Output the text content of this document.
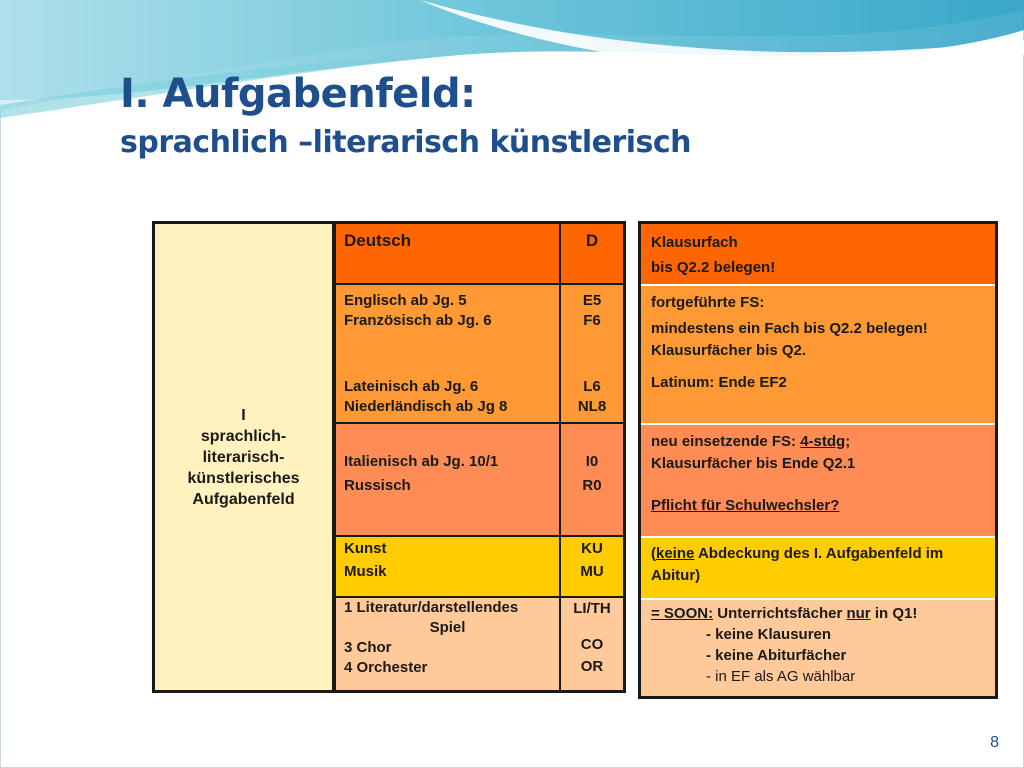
I. Aufgabenfeld:
sprachlich –literarisch künstlerisch
I
sprachlich-
literarisch-
künstlerisches
Aufgabenfeld
Deutsch	D
Englisch ab Jg. 5
Französisch ab Jg. 6
Lateinisch ab Jg. 6
Niederländisch ab Jg 8
E5
F6
L6
NL8
Italienisch ab Jg. 10/1
Russisch
I0
R0
Kunst
Musik
KU
MU
1 Literatur/darstellendes
Spiel
3 Chor
4 Orchester
LI/TH
CO
OR
Klausurfach
bis Q2.2 belegen!
fortgeführte FS:
mindestens ein Fach bis Q2.2 belegen!
Klausurfächer bis Q2.
Latinum: Ende EF2
neu einsetzende FS: 4-stdg;
Klausurfächer bis Ende Q2.1
Pflicht für Schulwechsler?
(keine Abdeckung des I. Aufgabenfeld im Abitur)
= SOON: Unterrichtsfächer nur in Q1!
- keine Klausuren
- keine Abiturfächer
- in EF als AG wählbar
8
